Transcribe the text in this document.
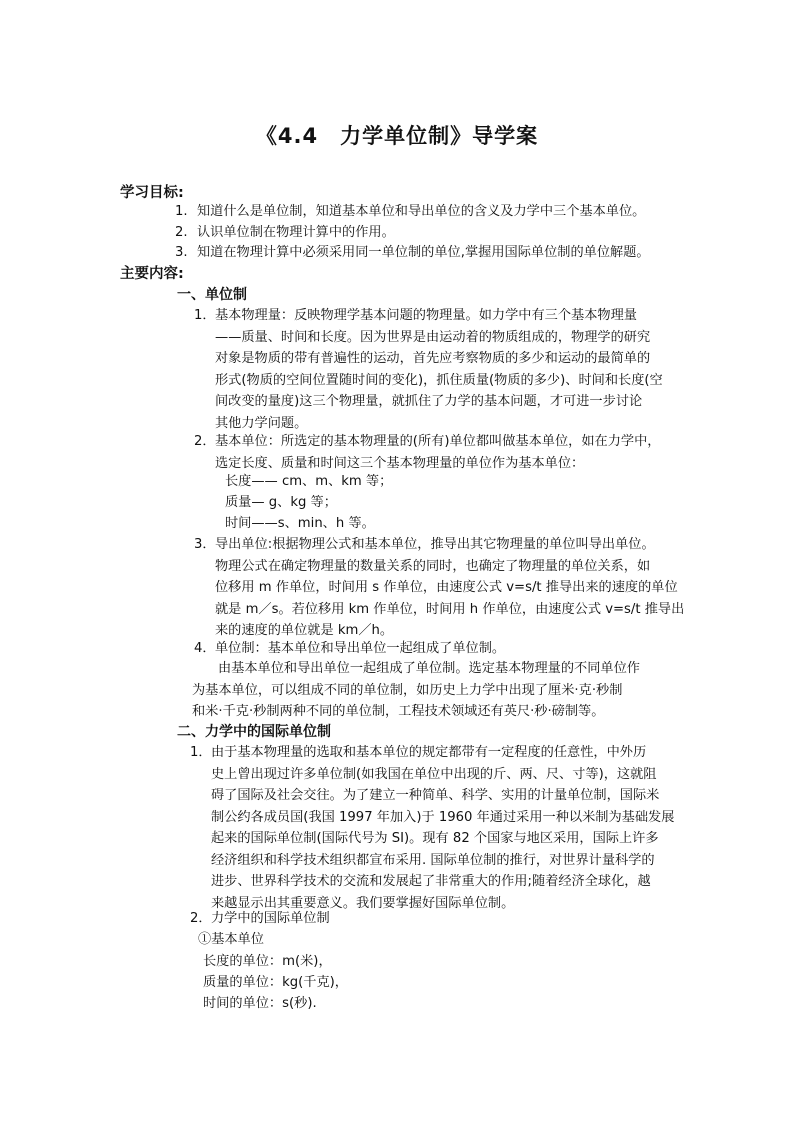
《4.4　力学单位制》导学案
学习目标:
1. 知道什么是单位制，知道基本单位和导出单位的含义及力学中三个基本单位。
2. 认识单位制在物理计算中的作用。
3. 知道在物理计算中必须采用同一单位制的单位,掌握用国际单位制的单位解题。
主要内容:
一、单位制
1． 基本物理量：反映物理学基本问题的物理量。如力学中有三个基本物理量
——质量、时间和长度。因为世界是由运动着的物质组成的，物理学的研究
对象是物质的带有普遍性的运动，首先应考察物质的多少和运动的最简单的
形式(物质的空间位置随时间的变化)，抓住质量(物质的多少)、时间和长度(空
间改变的量度)这三个物理量，就抓住了力学的基本问题，才可进一步讨论
其他力学问题。
2． 基本单位：所选定的基本物理量的(所有)单位都叫做基本单位，如在力学中，
选定长度、质量和时间这三个基本物理量的单位作为基本单位：
长度—— cm、m、km 等；
质量— g、kg 等；
时间——s、min、h 等。
3． 导出单位:根据物理公式和基本单位，推导出其它物理量的单位叫导出单位。
物理公式在确定物理量的数量关系的同时，也确定了物理量的单位关系，如
位移用 m 作单位，时间用 s 作单位，由速度公式 v=s/t 推导出来的速度的单位
就是 m／s。若位移用 km 作单位，时间用 h 作单位，由速度公式 v=s/t 推导出
来的速度的单位就是 km／h。
4． 单位制：基本单位和导出单位一起组成了单位制。
由基本单位和导出单位一起组成了单位制。选定基本物理量的不同单位作
为基本单位，可以组成不同的单位制，如历史上力学中出现了厘米·克·秒制
和米·千克·秒制两种不同的单位制，工程技术领域还有英尺·秒·磅制等。
二、力学中的国际单位制
1． 由于基本物理量的选取和基本单位的规定都带有一定程度的任意性，中外历
史上曾出现过许多单位制(如我国在单位中出现的斤、两、尺、寸等)，这就阻
碍了国际及社会交往。为了建立一种简单、科学、实用的计量单位制，国际米
制公约各成员国(我国 1997 年加入)于 1960 年通过采用一种以米制为基础发展
起来的国际单位制(国际代号为 SI)。现有 82 个国家与地区采用，国际上许多
经济组织和科学技术组织都宣布采用. 国际单位制的推行，对世界计量科学的
进步、世界科学技术的交流和发展起了非常重大的作用;随着经济全球化，越
来越显示出其重要意义。我们要掌握好国际单位制。
2． 力学中的国际单位制
①基本单位
长度的单位：m(米)，
质量的单位：kg(千克)，
时间的单位：s(秒).
